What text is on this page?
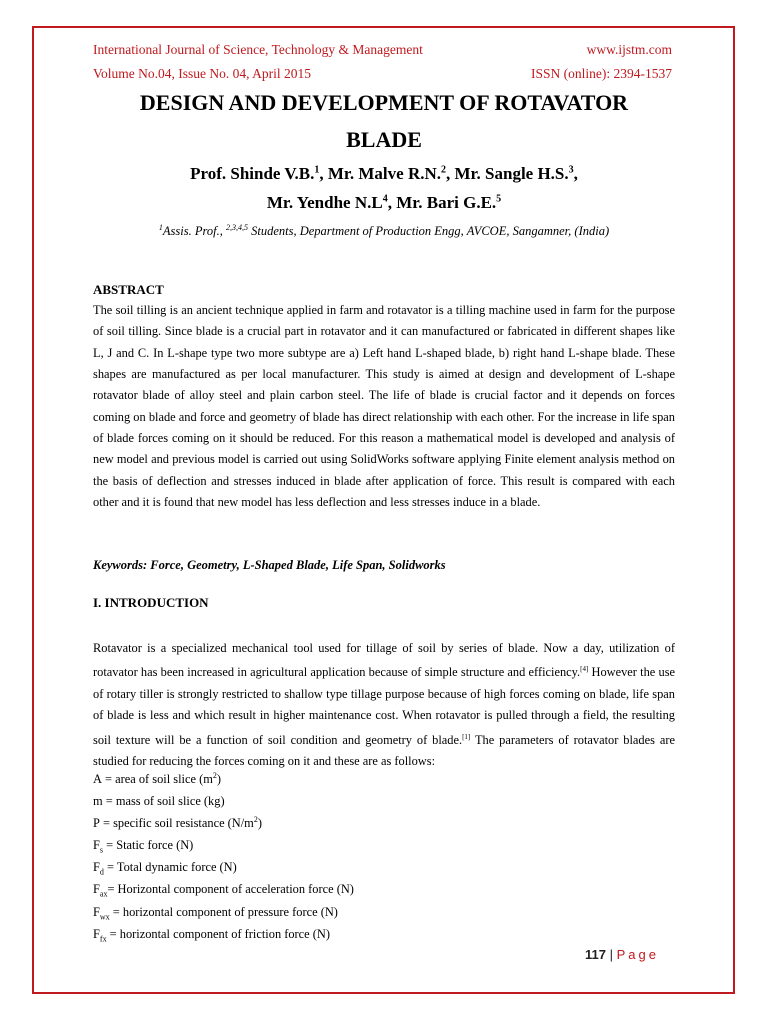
International Journal of Science, Technology & Management	www.ijstm.com
Volume No.04, Issue No. 04, April 2015	ISSN (online): 2394-1537
DESIGN AND DEVELOPMENT OF ROTAVATOR
BLADE
Prof. Shinde V.B.$^1$, Mr. Malve R.N.$^2$, Mr. Sangle H.S.$^3$,
Mr. Yendhe $N.L^4$, Mr. Bari G.E.$^5$
$^1$Assis. Prof., $^{2,3,4,5}$ Students, Department of Production Engg, AVCOE, Sangamner, (India)
ABSTRACT

The soil tilling is an ancient technique applied in farm and rotavator is a tilling machine used in farm for the purpose of soil tilling. Since blade is a crucial part in rotavator and it can manufactured or fabricated in different shapes like L, J and C. In L-shape type two more subtype are a) Left hand L-shaped blade, b) right hand L-shape blade. These shapes are manufactured as per local manufacturer. This study is aimed at design and development of L-shape rotavator blade of alloy steel and plain carbon steel. The life of blade is crucial factor and it depends on forces coming on blade and force and geometry of blade has direct relationship with each other. For the increase in life span of blade forces coming on it should be reduced. For this reason a mathematical model is developed and analysis of new model and previous model is carried out using SolidWorks software applying Finite element analysis method on the basis of deflection and stresses induced in blade after application of force. This result is compared with each other and it is found that new model has less deflection and less stresses induce in a blade.

Keywords: Force, Geometry, L-Shaped Blade, Life Span, Solidworks
I. INTRODUCTION

Rotavator is a specialized mechanical tool used for tillage of soil by series of blade. Now a day, utilization of rotavator has been increased in agricultural application because of simple structure and efficiency.[4] However the use of rotary tiller is strongly restricted to shallow type tillage purpose because of high forces coming on blade, life span of blade is less and which result in higher maintenance cost. When rotavator is pulled through a field, the resulting soil texture will be a function of soil condition and geometry of blade.[1] The parameters of rotavator blades are studied for reducing the forces coming on it and these are as follows:

A = area of soil slice $(m^2)$
m = mass of soil slice (kg)
P = specific soil resistance $(N/m^2)$
$F_s$ = Static force (N)
$F_d$ = Total dynamic force (N)
$F_{ax}=$ Horizontal component of acceleration force (N)
$F_{wx}$ = horizontal component of pressure force (N)
$F_{fx}$ = horizontal component of friction force (N)
117 | Page
